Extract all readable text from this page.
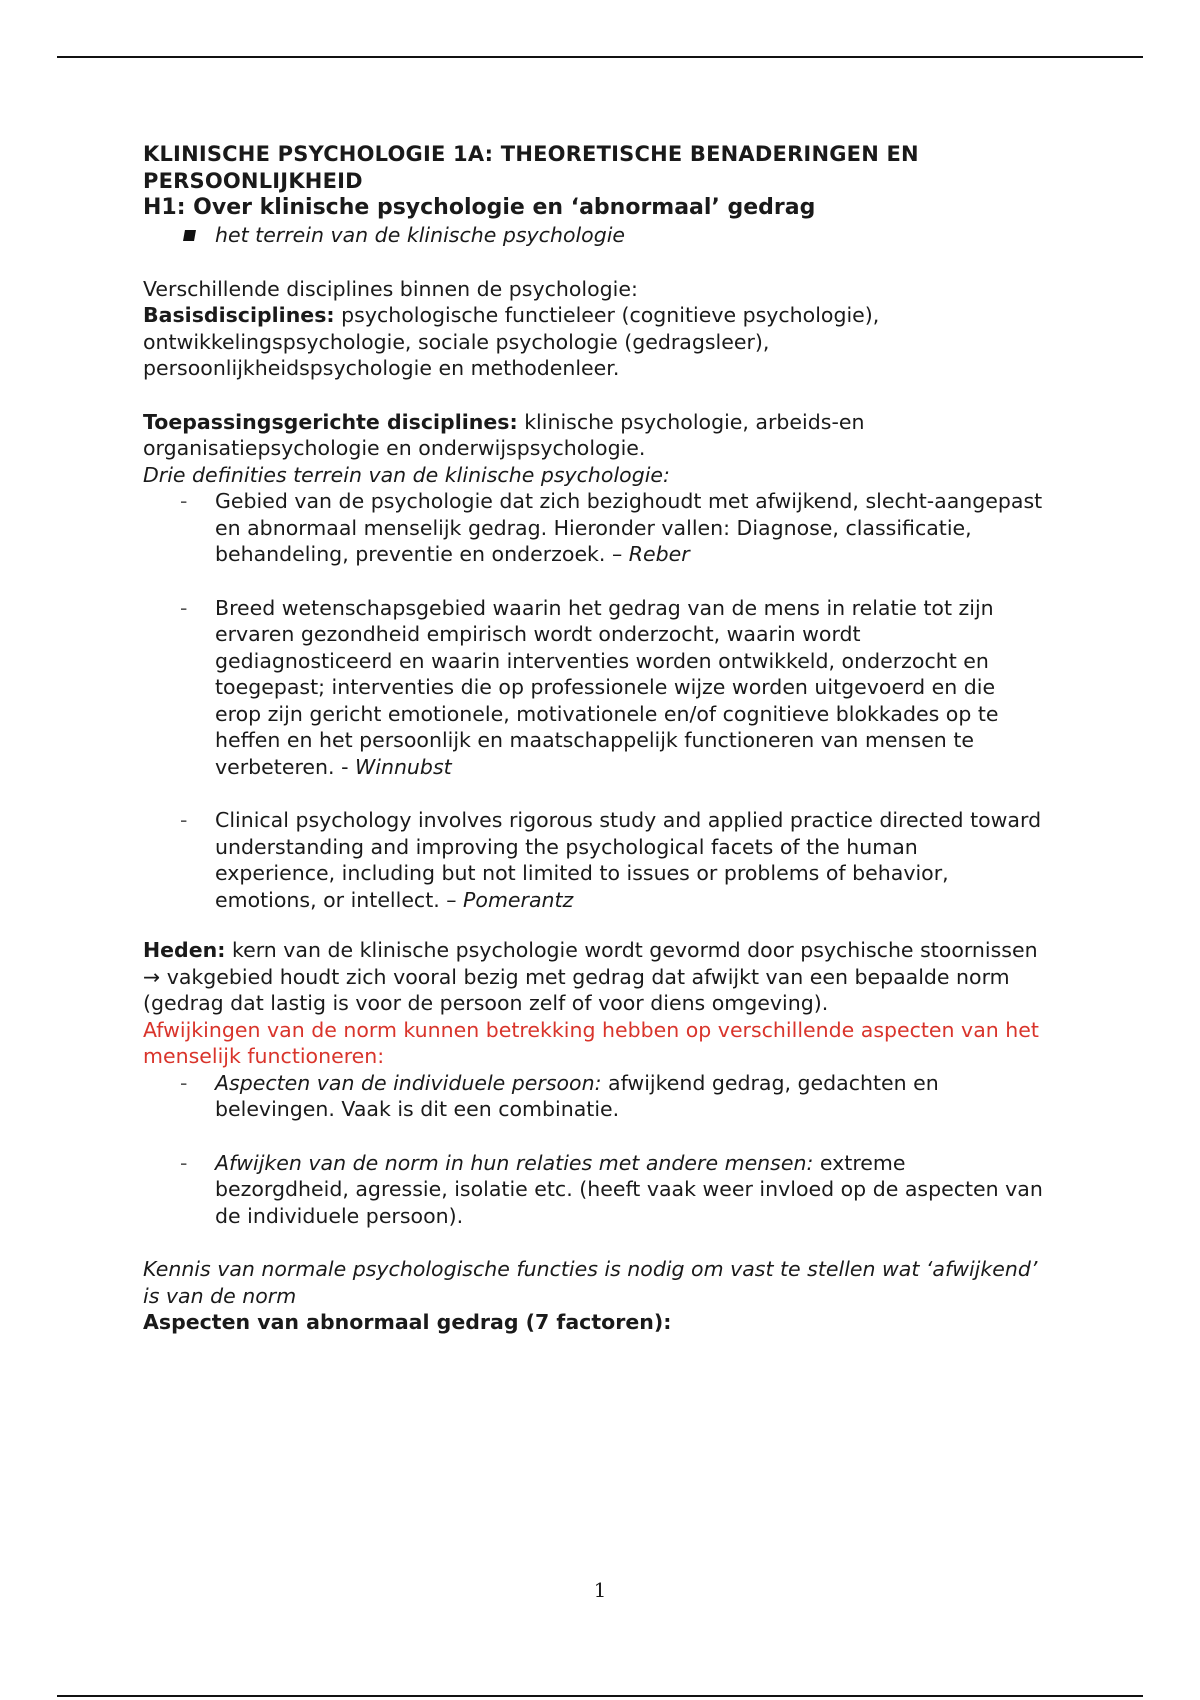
KLINISCHE PSYCHOLOGIE 1A: THEORETISCHE BENADERINGEN EN PERSOONLIJKHEID

H1: Over klinische psychologie en ‘abnormaal’ gedrag

het terrein van de klinische psychologie

Verschillende disciplines binnen de psychologie:

Basisdisciplines: psychologische functieleer (cognitieve psychologie), ontwikkelingspsychologie, sociale psychologie (gedragsleer), persoonlijkheidspsychologie en methodenleer.

Toepassingsgerichte disciplines: klinische psychologie, arbeids-en organisatiepsychologie en onderwijspsychologie.

Drie definities terrein van de klinische psychologie:

- Gebied van de psychologie dat zich bezighoudt met afwijkend, slecht-aangepast en abnormaal menselijk gedrag. Hieronder vallen: Diagnose, classificatie, behandeling, preventie en onderzoek. – Reber
- Breed wetenschapsgebied waarin het gedrag van de mens in relatie tot zijn ervaren gezondheid empirisch wordt onderzocht, waarin wordt gediagnosticeerd en waarin interventies worden ontwikkeld, onderzocht en toegepast; interventies die op professionele wijze worden uitgevoerd en die erop zijn gericht emotionele, motivationele en/of cognitieve blokkades op te heffen en het persoonlijk en maatschappelijk functioneren van mensen te verbeteren. - Winnubst
- Clinical psychology involves rigorous study and applied practice directed toward understanding and improving the psychological facets of the human experience, including but not limited to issues or problems of behavior, emotions, or intellect. – Pomerantz

Heden: kern van de klinische psychologie wordt gevormd door psychische stoornissen → vakgebied houdt zich vooral bezig met gedrag dat afwijkt van een bepaalde norm (gedrag dat lastig is voor de persoon zelf of voor diens omgeving).

Afwijkingen van de norm kunnen betrekking hebben op verschillende aspecten van het menselijk functioneren:

- Aspecten van de individuele persoon: afwijkend gedrag, gedachten en belevingen. Vaak is dit een combinatie.
- Afwijken van de norm in hun relaties met andere mensen: extreme bezorgdheid, agressie, isolatie etc. (heeft vaak weer invloed op de aspecten van de individuele persoon).

Kennis van normale psychologische functies is nodig om vast te stellen wat ‘afwijkend’ is van de norm

Aspecten van abnormaal gedrag (7 factoren):

1
